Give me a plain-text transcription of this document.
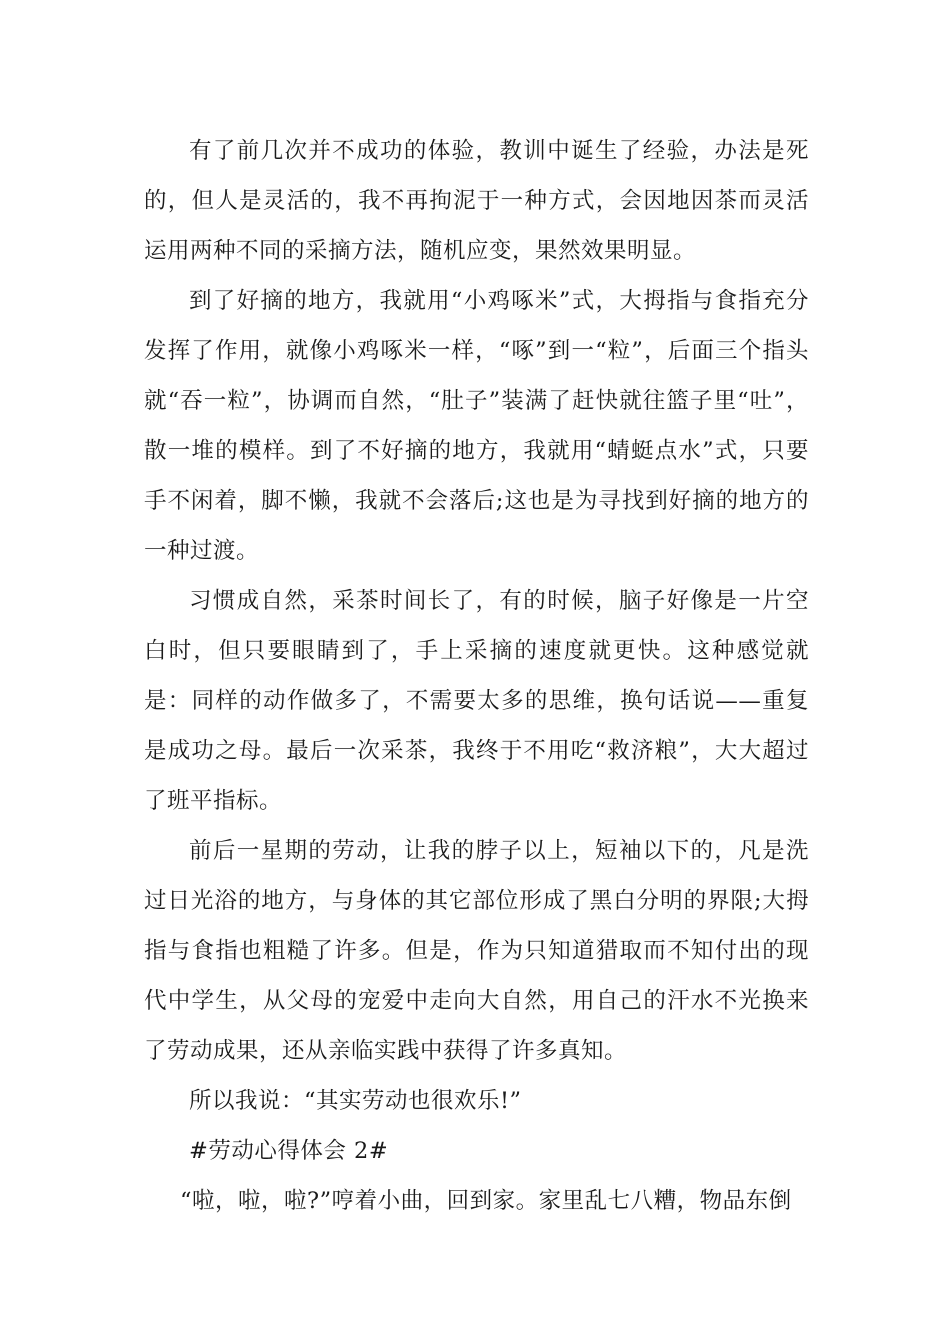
有了前几次并不成功的体验，教训中诞生了经验，办法是死的，但人是灵活的，我不再拘泥于一种方式，会因地因茶而灵活运用两种不同的采摘方法，随机应变，果然效果明显。

到了好摘的地方，我就用“小鸡啄米”式，大拇指与食指充分发挥了作用，就像小鸡啄米一样，“啄”到一“粒”，后面三个指头就“吞一粒”，协调而自然，“肚子”装满了赶快就往篮子里“吐”，散一堆的模样。到了不好摘的地方，我就用“蜻蜓点水”式，只要手不闲着，脚不懒，我就不会落后;这也是为寻找到好摘的地方的一种过渡。

习惯成自然，采茶时间长了，有的时候，脑子好像是一片空白时，但只要眼睛到了，手上采摘的速度就更快。这种感觉就是：同样的动作做多了，不需要太多的思维，换句话说——重复是成功之母。最后一次采茶，我终于不用吃“救济粮”，大大超过了班平指标。

前后一星期的劳动，让我的脖子以上，短袖以下的，凡是洗过日光浴的地方，与身体的其它部位形成了黑白分明的界限;大拇指与食指也粗糙了许多。但是，作为只知道猎取而不知付出的现代中学生，从父母的宠爱中走向大自然，用自己的汗水不光换来了劳动成果，还从亲临实践中获得了许多真知。

所以我说：“其实劳动也很欢乐!”

#劳动心得体会 2#

“啦，啦，啦?”哼着小曲，回到家。家里乱七八糟，物品东倒
